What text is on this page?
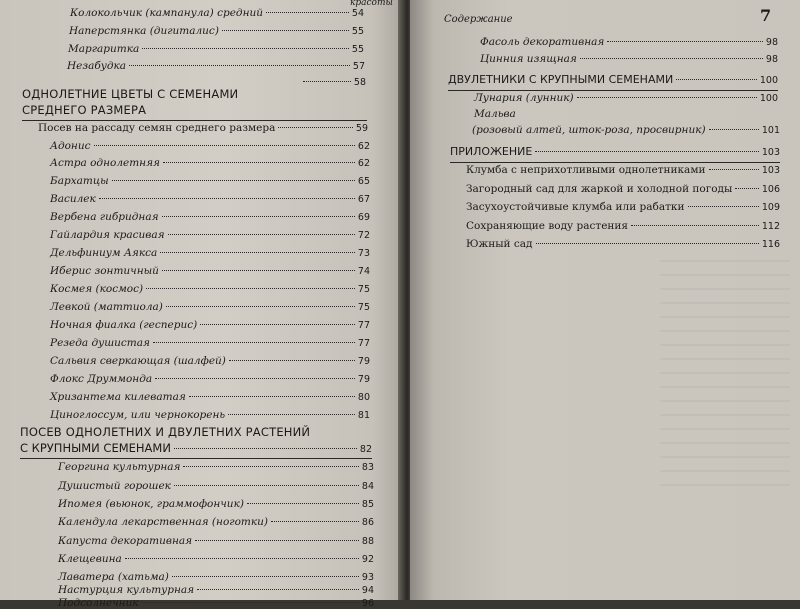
красоты
Колокольчик (кампанула) средний	54
Наперстянка (дигиталис)	55
Маргаритка	55
Незабудка	57
58
ОДНОЛЕТНИЕ ЦВЕТЫ С СЕМЕНАМИ
СРЕДНЕГО РАЗМЕРА
Посев на рассаду семян среднего размера	59
Адонис	62
Астра однолетняя	62
Бархатцы	65
Василек	67
Вербена гибридная	69
Гайлардия красивая	72
Дельфиниум Аякса	73
Иберис зонтичный	74
Космея (космос)	75
Левкой (маттиола)	75
Ночная фиалка (гесперис)	77
Резеда душистая	77
Сальвия сверкающая (шалфей)	79
Флокс Друммонда	79
Хризантема килеватая	80
Циноглоссум, или чернокорень	81
ПОСЕВ ОДНОЛЕТНИХ И ДВУЛЕТНИХ РАСТЕНИЙ
С КРУПНЫМИ СЕМЕНАМИ	82
Георгина культурная	83
Душистый горошек	84
Ипомея (вьюнок, граммофончик)	85
Календула лекарственная (ноготки)	86
Капуста декоративная	88
Клещевина	92
Лаватера (хатьма)	93
Настурция культурная	94
Подсолнечник	96
Содержание	7
Фасоль декоративная	98
Цинния изящная	98
ДВУЛЕТНИКИ С КРУПНЫМИ СЕМЕНАМИ	100
Лунария (лунник)	100
Мальва
(розовый алтей, шток-роза, просвирник)	101
ПРИЛОЖЕНИЕ	103
Клумба с неприхотливыми однолетниками	103
Загородный сад для жаркой и холодной погоды	106
Засухоустойчивые клумба или рабатки	109
Сохраняющие воду растения	112
Южный сад	116
